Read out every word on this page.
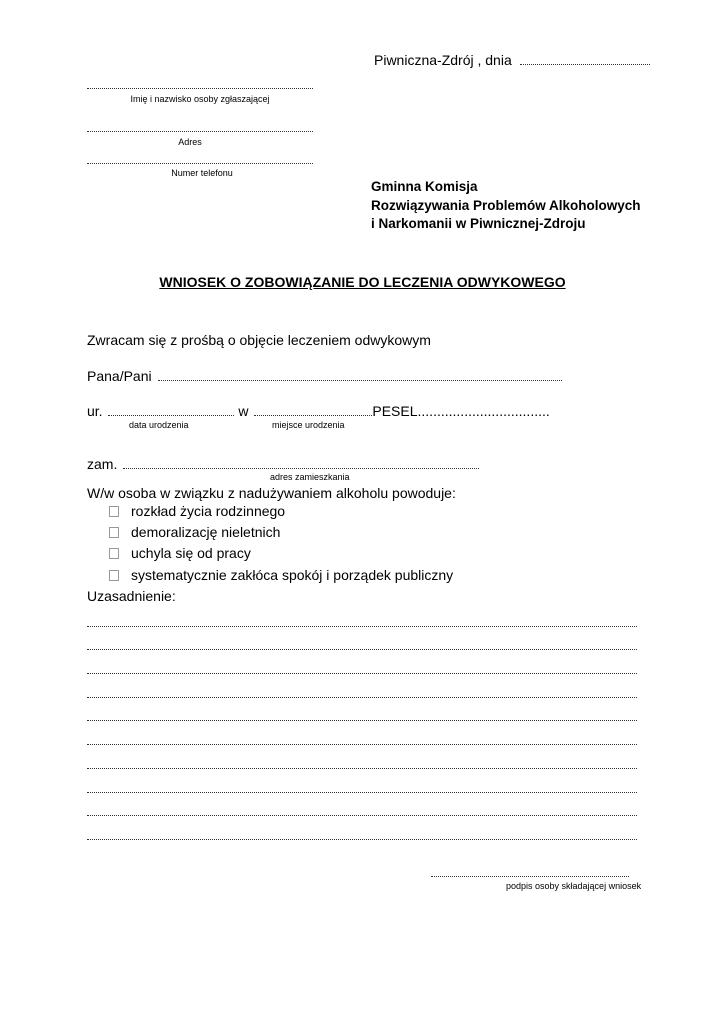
Piwniczna-Zdrój , dnia
Imię i nazwisko osoby zgłaszającej
Adres
Numer telefonu
Gminna Komisja
Rozwiązywania Problemów Alkoholowych
i Narkomanii w Piwnicznej-Zdroju
WNIOSEK O ZOBOWIĄZANIE DO LECZENIA ODWYKOWEGO
Zwracam się z prośbą o objęcie leczeniem odwykowym
Pana/Pani
ur.	w	PESEL..................................
data urodzenia	miejsce urodzenia
zam.
adres zamieszkania
W/w osoba w związku z nadużywaniem alkoholu powoduje:
rozkład życia rodzinnego
demoralizację nieletnich
uchyla się od pracy
systematycznie zakłóca spokój i porządek publiczny
Uzasadnienie:
podpis osoby składającej wniosek
